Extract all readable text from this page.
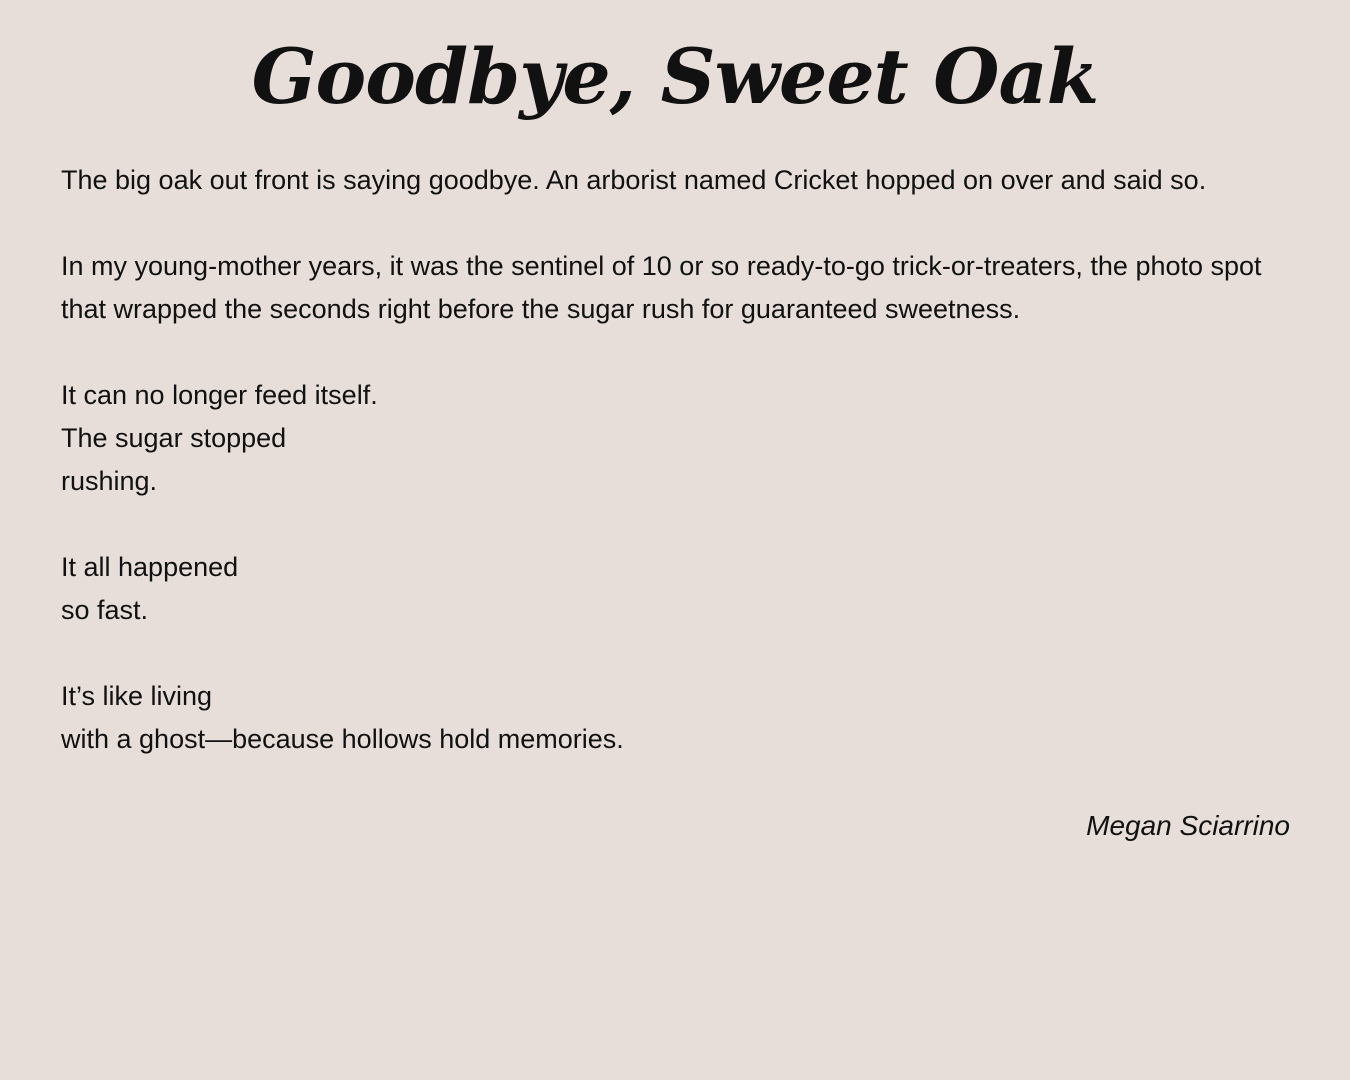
Goodbye, Sweet Oak

The big oak out front is saying goodbye. An arborist named Cricket hopped on over and said so.

In my young-mother years, it was the sentinel of 10 or so ready-to-go trick-or-treaters, the photo spot that wrapped the seconds right before the sugar rush for guaranteed sweetness.

It can no longer feed itself.
The sugar stopped
rushing.

It all happened
so fast.

It’s like living
with a ghost—because hollows hold memories.

Megan Sciarrino
